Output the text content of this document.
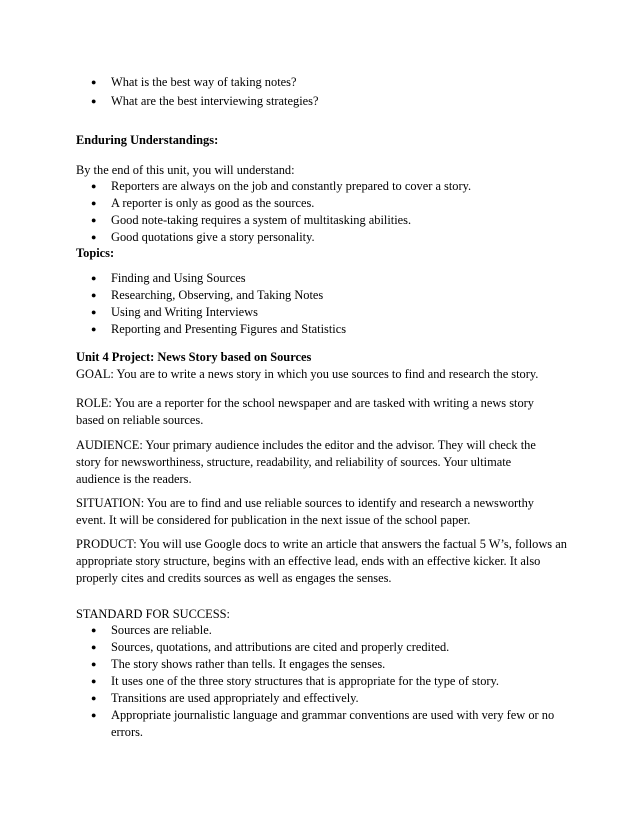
● What is the best way of taking notes?
● What are the best interviewing strategies?

Enduring Understandings:

By the end of this unit, you will understand:

● Reporters are always on the job and constantly prepared to cover a story.
● A reporter is only as good as the sources.
● Good note-taking requires a system of multitasking abilities.
● Good quotations give a story personality.

Topics:

● Finding and Using Sources
● Researching, Observing, and Taking Notes
● Using and Writing Interviews
● Reporting and Presenting Figures and Statistics

Unit 4 Project: News Story based on Sources

GOAL: You are to write a news story in which you use sources to find and research the story.

ROLE: You are a reporter for the school newspaper and are tasked with writing a news story based on reliable sources.

AUDIENCE: Your primary audience includes the editor and the advisor. They will check the story for newsworthiness, structure, readability, and reliability of sources. Your ultimate audience is the readers.

SITUATION: You are to find and use reliable sources to identify and research a newsworthy event. It will be considered for publication in the next issue of the school paper.

PRODUCT: You will use Google docs to write an article that answers the factual 5 W’s, follows an appropriate story structure, begins with an effective lead, ends with an effective kicker. It also properly cites and credits sources as well as engages the senses.

STANDARD FOR SUCCESS:

● Sources are reliable.
● Sources, quotations, and attributions are cited and properly credited.
● The story shows rather than tells. It engages the senses.
● It uses one of the three story structures that is appropriate for the type of story.
● Transitions are used appropriately and effectively.
● Appropriate journalistic language and grammar conventions are used with very few or no errors.
